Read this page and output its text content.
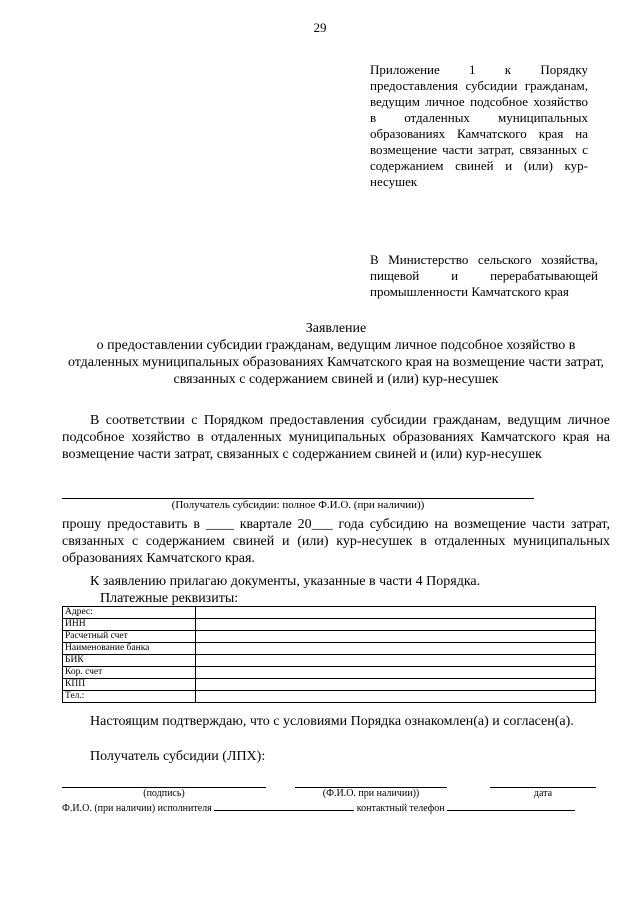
29
Приложение 1 к Порядку предоставления субсидии гражданам, ведущим личное подсобное хозяйство в отдаленных муниципальных образованиях Камчатского края на возмещение части затрат, связанных с содержанием свиней и (или) кур-несушек
В Министерство сельского хозяйства, пищевой и перерабатывающей промышленности Камчатского края
Заявление
о предоставлении субсидии гражданам, ведущим личное подсобное хозяйство в отдаленных муниципальных образованиях Камчатского края на возмещение части затрат, связанных с содержанием свиней и (или) кур-несушек
В соответствии с Порядком предоставления субсидии гражданам, ведущим личное подсобное хозяйство в отдаленных муниципальных образованиях Камчатского края на возмещение части затрат, связанных с содержанием свиней и (или) кур-несушек
(Получатель субсидии: полное Ф.И.О. (при наличии))
прошу предоставить в ____ квартале 20___ года субсидию на возмещение части затрат, связанных с содержанием свиней и (или) кур-несушек в отдаленных муниципальных образованиях Камчатского края.
К заявлению прилагаю документы, указанные в части 4 Порядка.
Платежные реквизиты:
Адрес:	
ИНН	
Расчетный счет	
Наименование банка	
БИК	
Кор. счет	
КПП	
Тел.:	
Настоящим подтверждаю, что с условиями Порядка ознакомлен(а) и согласен(а).
Получатель субсидии (ЛПХ):
(подпись)	(Ф.И.О. при наличии))	дата
Ф.И.О. (при наличии) исполнителя	контактный телефон
